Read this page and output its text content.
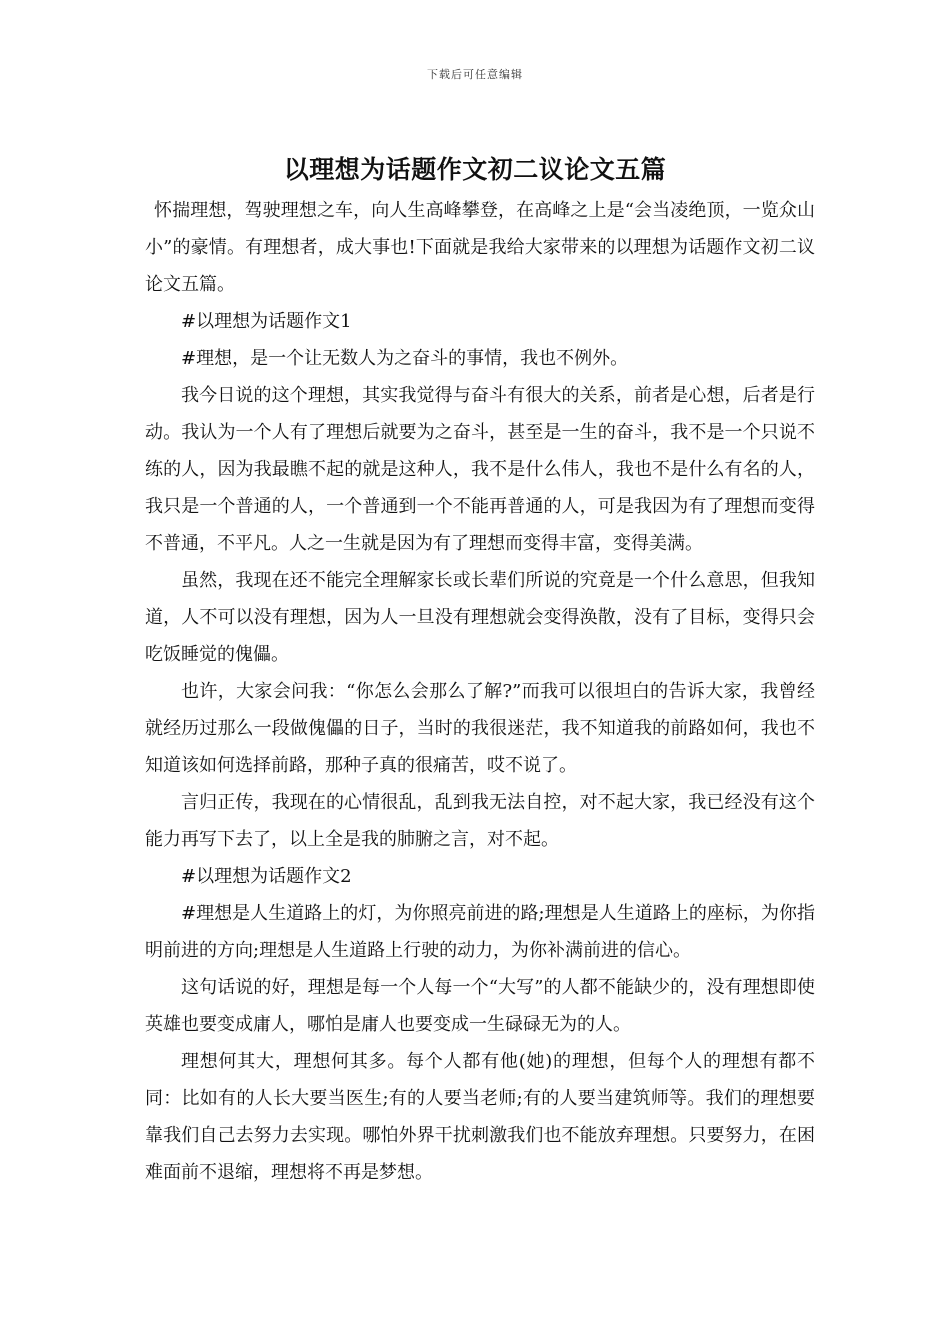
下载后可任意编辑
以理想为话题作文初二议论文五篇

怀揣理想，驾驶理想之车，向人生高峰攀登，在高峰之上是“会当凌绝顶，一览众山小”的豪情。有理想者，成大事也!下面就是我给大家带来的以理想为话题作文初二议论文五篇。

#以理想为话题作文1

#理想，是一个让无数人为之奋斗的事情，我也不例外。

我今日说的这个理想，其实我觉得与奋斗有很大的关系，前者是心想，后者是行动。我认为一个人有了理想后就要为之奋斗，甚至是一生的奋斗，我不是一个只说不练的人，因为我最瞧不起的就是这种人，我不是什么伟人，我也不是什么有名的人，我只是一个普通的人，一个普通到一个不能再普通的人，可是我因为有了理想而变得不普通，不平凡。人之一生就是因为有了理想而变得丰富，变得美满。

虽然，我现在还不能完全理解家长或长辈们所说的究竟是一个什么意思，但我知道，人不可以没有理想，因为人一旦没有理想就会变得涣散，没有了目标，变得只会吃饭睡觉的傀儡。

也许，大家会问我：“你怎么会那么了解?”而我可以很坦白的告诉大家，我曾经就经历过那么一段做傀儡的日子，当时的我很迷茫，我不知道我的前路如何，我也不知道该如何选择前路，那种子真的很痛苦，哎不说了。

言归正传，我现在的心情很乱，乱到我无法自控，对不起大家，我已经没有这个能力再写下去了，以上全是我的肺腑之言，对不起。

#以理想为话题作文2

#理想是人生道路上的灯，为你照亮前进的路;理想是人生道路上的座标，为你指明前进的方向;理想是人生道路上行驶的动力，为你补满前进的信心。

这句话说的好，理想是每一个人每一个“大写”的人都不能缺少的，没有理想即使英雄也要变成庸人，哪怕是庸人也要变成一生碌碌无为的人。

理想何其大，理想何其多。每个人都有他(她)的理想，但每个人的理想有都不同：比如有的人长大要当医生;有的人要当老师;有的人要当建筑师等。我们的理想要靠我们自己去努力去实现。哪怕外界干扰刺激我们也不能放弃理想。只要努力，在困难面前不退缩，理想将不再是梦想。
